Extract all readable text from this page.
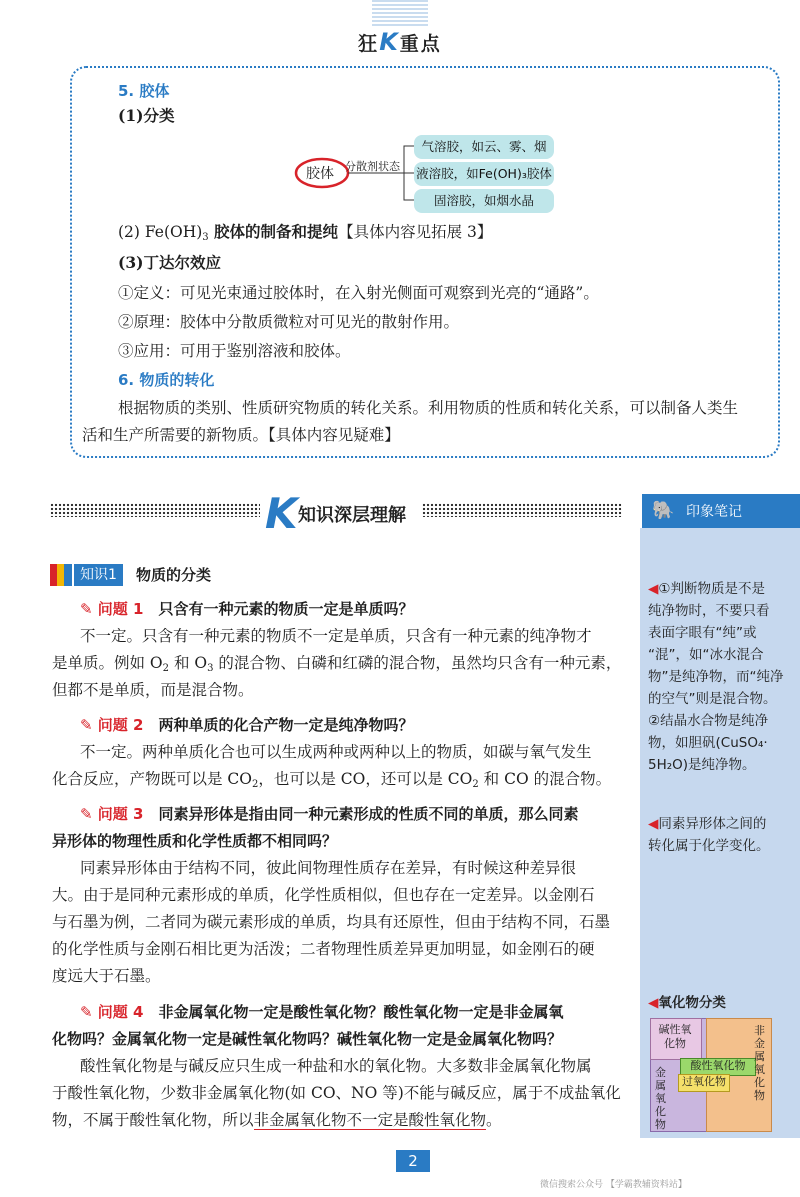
狂K重点
5. 胶体
(1)分类
胶体 分散剂状态
气溶胶，如云、雾、烟
液溶胶，如Fe(OH)₃胶体
固溶胶，如烟水晶
(2) $Fe(OH)_3$ 胶体的制备和提纯【具体内容见拓展 3】
(3)丁达尔效应
①定义：可见光束通过胶体时，在入射光侧面可观察到光亮的“通路”。
②原理：胶体中分散质微粒对可见光的散射作用。
③应用：可用于鉴别溶液和胶体。
6. 物质的转化
根据物质的类别、性质研究物质的转化关系。利用物质的性质和转化关系，可以制备人类生
活和生产所需要的新物质。【具体内容见疑难】
K 知识深层理解	🐘 印象笔记
◀①判断物质是不是
纯净物时，不要只看
表面字眼有“纯”或
“混”，如“冰水混合
物”是纯净物，而“纯净
的空气”则是混合物。
②结晶水合物是纯净
物，如胆矾(CuSO₄·
5H₂O)是纯净物。
◀同素异形体之间的
转化属于化学变化。
◀氧化物分类
碱性氧化物
酸性氧化物
过氧化物
金属氧化物
非金属氧化物
知识1	物质的分类
✎ 问题 1　 只含有一种元素的物质一定是单质吗？
不一定。只含有一种元素的物质不一定是单质，只含有一种元素的纯净物才
是单质。例如 $O_2$ 和 $O_3$ 的混合物、白磷和红磷的混合物，虽然均只含有一种元素，
但都不是单质，而是混合物。
✎ 问题 2　 两种单质的化合产物一定是纯净物吗？
不一定。两种单质化合也可以生成两种或两种以上的物质，如碳与氧气发生
化合反应，产物既可以是 $CO_2$，也可以是 CO，还可以是 $CO_2$ 和 CO 的混合物。
✎ 问题 3　 同素异形体是指由同一种元素形成的性质不同的单质，那么同素
异形体的物理性质和化学性质都不相同吗？
同素异形体由于结构不同，彼此间物理性质存在差异，有时候这种差异很
大。由于是同种元素形成的单质，化学性质相似，但也存在一定差异。以金刚石
与石墨为例，二者同为碳元素形成的单质，均具有还原性，但由于结构不同，石墨
的化学性质与金刚石相比更为活泼；二者物理性质差异更加明显，如金刚石的硬
度远大于石墨。
✎ 问题 4　 非金属氧化物一定是酸性氧化物？酸性氧化物一定是非金属氧
化物吗？金属氧化物一定是碱性氧化物吗？碱性氧化物一定是金属氧化物吗？
酸性氧化物是与碱反应只生成一种盐和水的氧化物。大多数非金属氧化物属
于酸性氧化物，少数非金属氧化物(如 CO、NO 等)不能与碱反应，属于不成盐氧化
物，不属于酸性氧化物，所以非金属氧化物不一定是酸性氧化物。
2
微信搜索公众号 【学霸教辅资料站】
